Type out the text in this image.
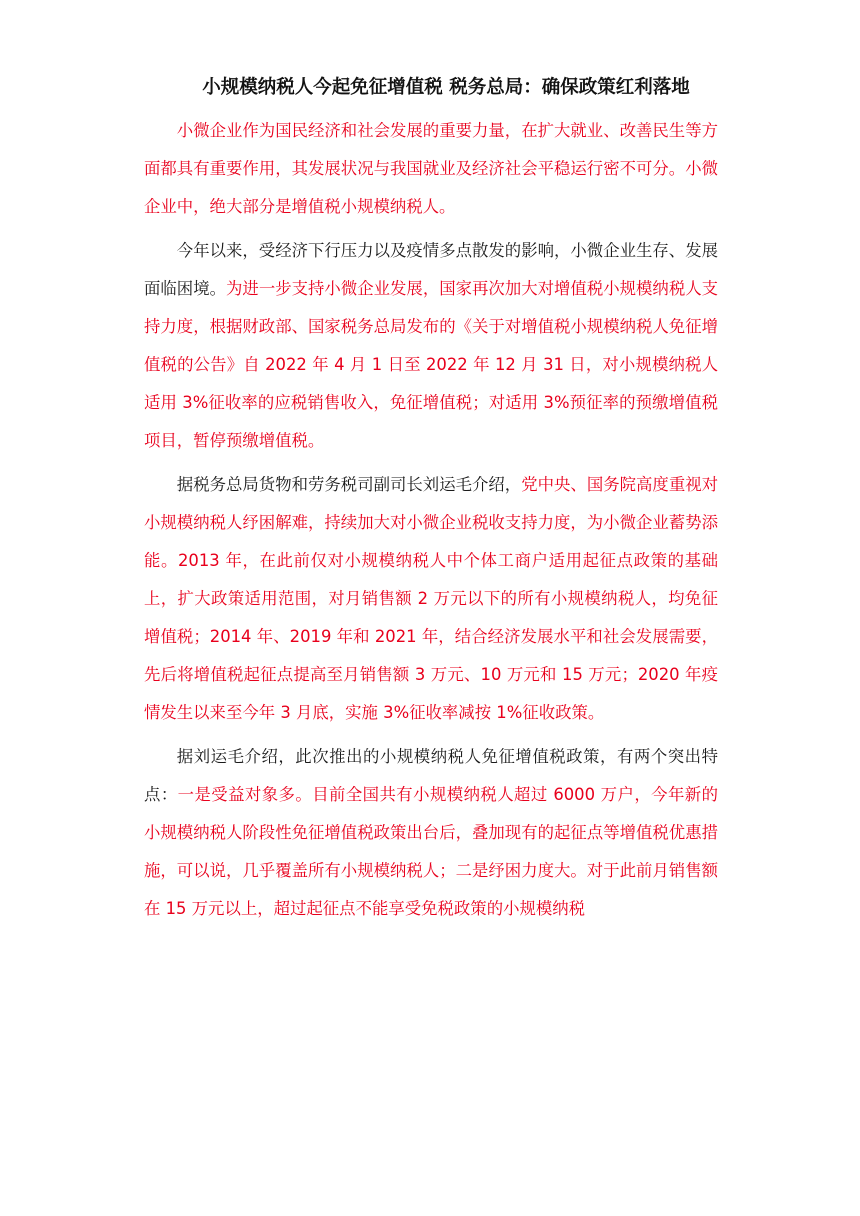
小规模纳税人今起免征增值税 税务总局：确保政策红利落地

小微企业作为国民经济和社会发展的重要力量，在扩大就业、改善民生等方面都具有重要作用，其发展状况与我国就业及经济社会平稳运行密不可分。小微企业中，绝大部分是增值税小规模纳税人。

今年以来，受经济下行压力以及疫情多点散发的影响，小微企业生存、发展面临困境。为进一步支持小微企业发展，国家再次加大对增值税小规模纳税人支持力度，根据财政部、国家税务总局发布的《关于对增值税小规模纳税人免征增值税的公告》自 2022 年 4 月 1 日至 2022 年 12 月 31 日，对小规模纳税人适用 3%征收率的应税销售收入，免征增值税；对适用 3%预征率的预缴增值税项目，暂停预缴增值税。

据税务总局货物和劳务税司副司长刘运毛介绍，党中央、国务院高度重视对小规模纳税人纾困解难，持续加大对小微企业税收支持力度，为小微企业蓄势添能。2013 年，在此前仅对小规模纳税人中个体工商户适用起征点政策的基础上，扩大政策适用范围，对月销售额 2 万元以下的所有小规模纳税人，均免征增值税；2014 年、2019 年和 2021 年，结合经济发展水平和社会发展需要，先后将增值税起征点提高至月销售额 3 万元、10 万元和 15 万元；2020 年疫情发生以来至今年 3 月底，实施 3%征收率减按 1%征收政策。

据刘运毛介绍，此次推出的小规模纳税人免征增值税政策，有两个突出特点：一是受益对象多。目前全国共有小规模纳税人超过 6000 万户，今年新的小规模纳税人阶段性免征增值税政策出台后，叠加现有的起征点等增值税优惠措施，可以说，几乎覆盖所有小规模纳税人；二是纾困力度大。对于此前月销售额在 15 万元以上，超过起征点不能享受免税政策的小规模纳税
